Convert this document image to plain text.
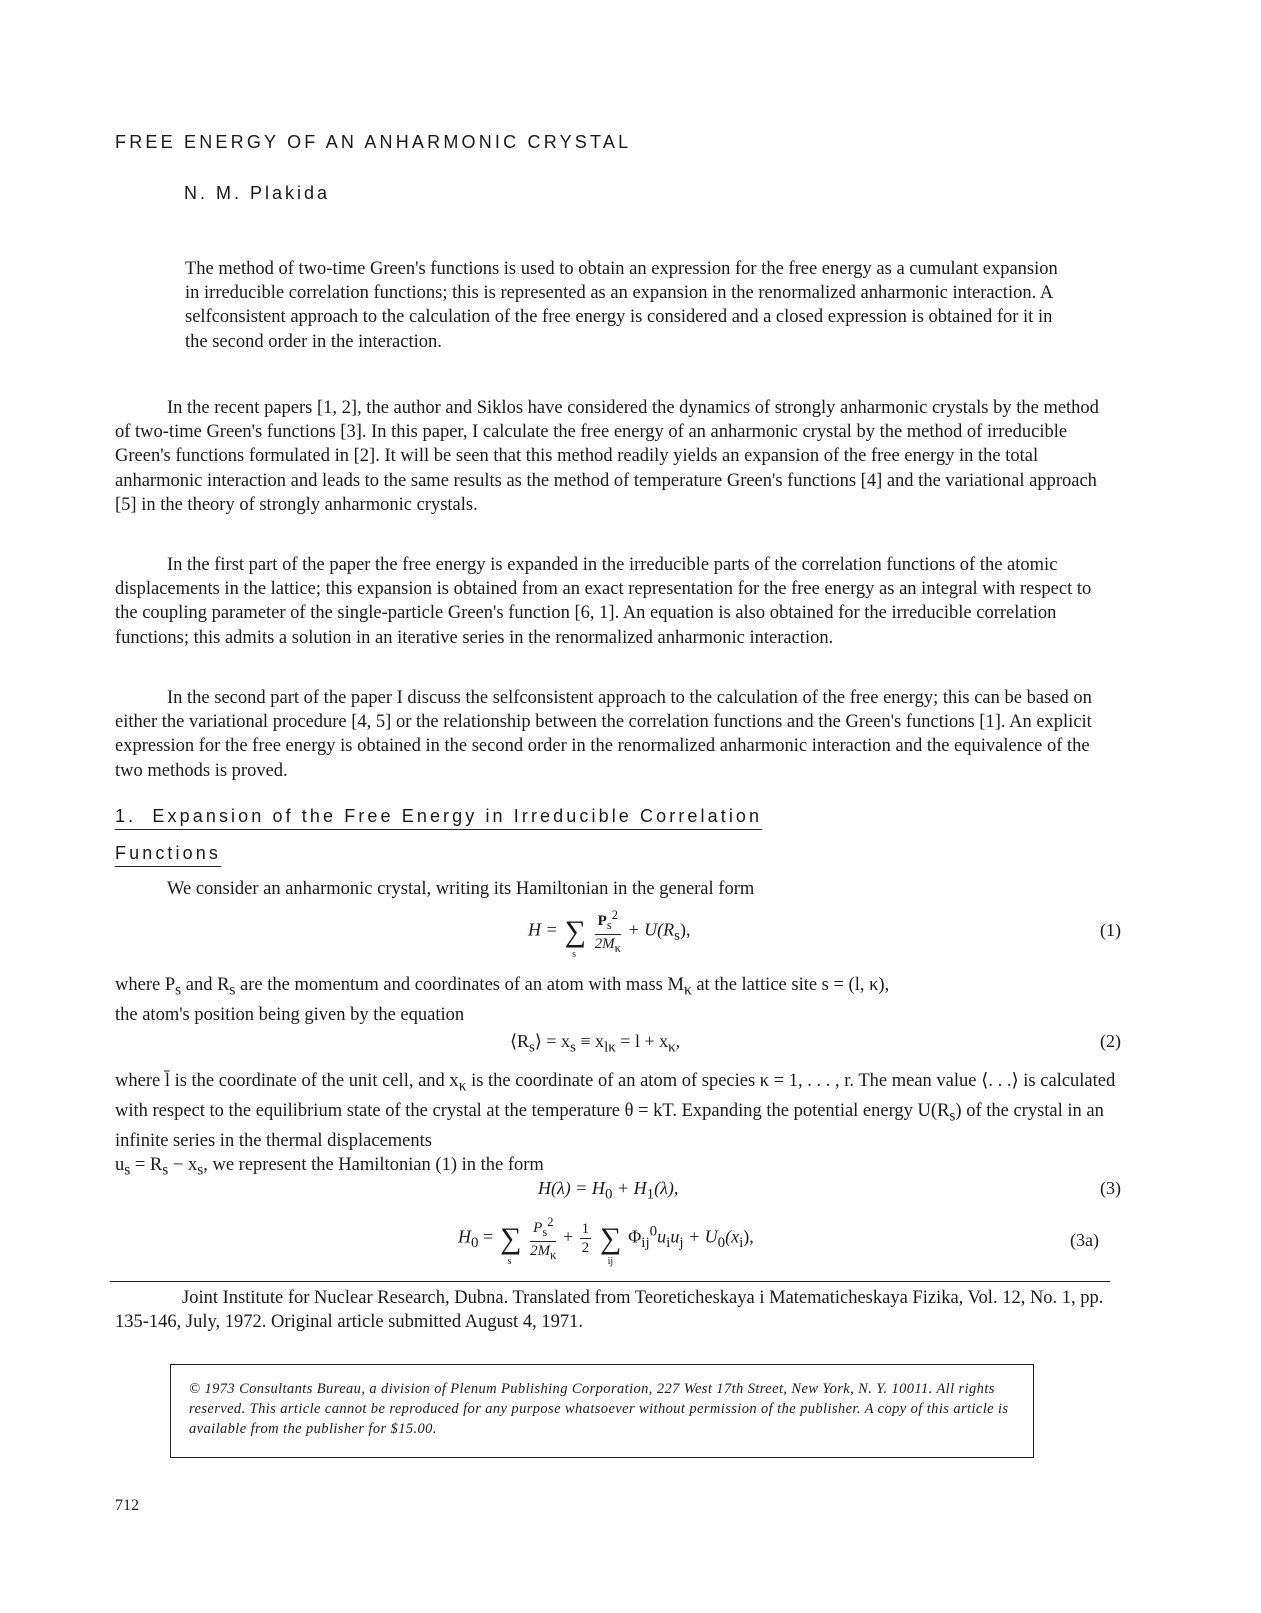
FREE ENERGY OF AN ANHARMONIC CRYSTAL

N. M. Plakida

The method of two-time Green's functions is used to obtain an expression for the free energy as a cumulant expansion in irreducible correlation functions; this is represented as an expansion in the renormalized anharmonic interaction. A selfconsistent approach to the calculation of the free energy is considered and a closed expression is obtained for it in the second order in the interaction.

In the recent papers [1, 2], the author and Siklos have considered the dynamics of strongly anharmonic crystals by the method of two-time Green's functions [3]. In this paper, I calculate the free energy of an anharmonic crystal by the method of irreducible Green's functions formulated in [2]. It will be seen that this method readily yields an expansion of the free energy in the total anharmonic interaction and leads to the same results as the method of temperature Green's functions [4] and the variational approach [5] in the theory of strongly anharmonic crystals.

In the first part of the paper the free energy is expanded in the irreducible parts of the correlation functions of the atomic displacements in the lattice; this expansion is obtained from an exact representation for the free energy as an integral with respect to the coupling parameter of the single-particle Green's function [6, 1]. An equation is also obtained for the irreducible correlation functions; this admits a solution in an iterative series in the renormalized anharmonic interaction.

In the second part of the paper I discuss the selfconsistent approach to the calculation of the free energy; this can be based on either the variational procedure [4, 5] or the relationship between the correlation functions and the Green's functions [1]. An explicit expression for the free energy is obtained in the second order in the renormalized anharmonic interaction and the equivalence of the two methods is proved.

1. Expansion of the Free Energy in Irreducible Correlation

Functions

We consider an anharmonic crystal, writing its Hamiltonian in the general form

H = ∑
s
$\frac{P_s^2}{2M_\kappa} + U(R_s)$,	(1)

where $P_s$ and $R_s$ are the momentum and coordinates of an atom with mass $M_\kappa$ at the lattice site s = (l, κ),
the atom's position being given by the equation

$⟨R_s⟩ = x_s \equiv x_{l\kappa} = l + x_\kappa$,	(2)

where l̄ is the coordinate of the unit cell, and $x_\kappa$ is the coordinate of an atom of species κ = 1, . . . , r. The mean value ⟨. . .⟩ is calculated with respect to the equilibrium state of the crystal at the temperature θ = kT. Expanding the potential energy $U(R_s)$ of the crystal in an infinite series in the thermal displacements
$u_s = R_s - x_s$, we represent the Hamiltonian (1) in the form

$H(\lambda) = H_0 + H_1(\lambda)$,	(3)
$H_0$ = ∑
s
$\frac{P_s^2}{2M_\kappa} + \frac{1}{2}$
∑
ij
$\Phi_{ij}^0u_iu_j + U_0(x_i)$,	(3a)

Joint Institute for Nuclear Research, Dubna. Translated from Teoreticheskaya i Matematicheskaya Fizika, Vol. 12, No. 1, pp. 135-146, July, 1972. Original article submitted August 4, 1971.

© 1973 Consultants Bureau, a division of Plenum Publishing Corporation, 227 West 17th Street, New York, N. Y. 10011. All rights reserved. This article cannot be reproduced for any purpose whatsoever without permission of the publisher. A copy of this article is available from the publisher for $15.00.

712
